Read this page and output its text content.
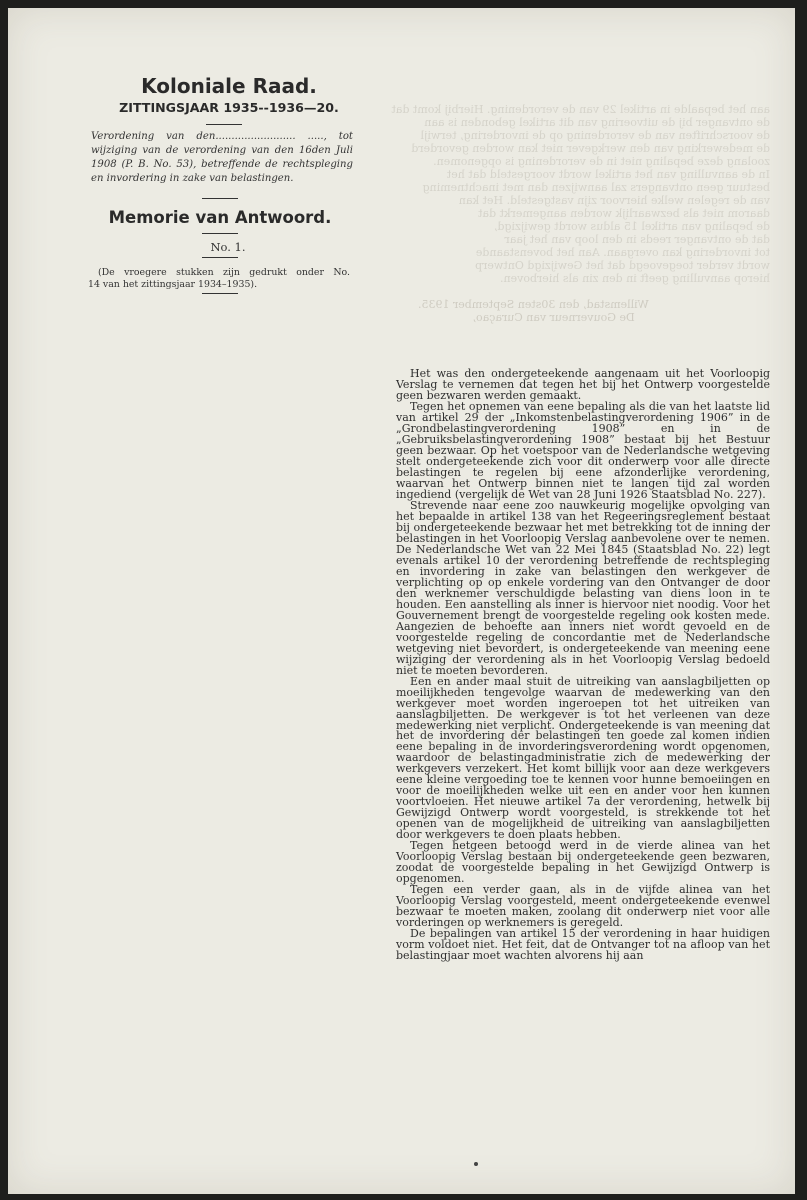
aan het bepaalde in artikel 29 van de verordening. Hierbij komt dat
de ontvanger bij de uitvoering van dit artikel gebonden is aan
de voorschriften van de verordening op de invordering, terwijl
de medewerking van den werkgever niet kan worden gevorderd
zoolang deze bepaling niet in de verordening is opgenomen.
In de aanvulling van het artikel wordt voorgesteld dat het
bestuur geen ontvangers zal aanwijzen dan met inachtneming
van de regelen welke hiervoor zijn vastgesteld. Het kan
daarom niet als bezwaarlijk worden aangemerkt dat
de bepaling van artikel 15 aldus wordt gewijzigd,
dat de ontvanger reeds in den loop van het jaar
tot invordering kan overgaan. Aan het bovenstaande
wordt verder toegevoegd dat het Gewijzigd Ontwerp
hierop aanvulling geeft in den zin als hierboven.
Willemstad, den 30sten September 1935.
De Gouverneur van Curaçao,
Koloniale Raad.
ZITTINGSJAAR 1935--1936—20.
Verordening van den......................... ....., tot wijziging van de verordening van den 16den Juli 1908 (P. B. No. 53), betreffende de rechtspleging en invordering in zake van belastingen.
Memorie van Antwoord.
No. 1.
(De vroegere stukken zijn gedrukt onder No.
14 van het zittingsjaar 1934–1935).

Het was den ondergeteekende aangenaam uit het Voorloopig Verslag te vernemen dat tegen het bij het Ontwerp voorgestelde geen bezwaren werden gemaakt.

Tegen het opnemen van eene bepaling als die van het laatste lid van artikel 29 der „Inkomstenbelastingverordening 1906” in de „Grondbelastingverordening 1908” en in de „Gebruiksbelastingverordening 1908” bestaat bij het Bestuur geen bezwaar. Op het voetspoor van de Nederlandsche wetgeving stelt ondergeteekende zich voor dit onderwerp voor alle directe belastingen te regelen bij eene afzonderlijke verordening, waarvan het Ontwerp binnen niet te langen tijd zal worden ingediend (vergelijk de Wet van 28 Juni 1926 Staatsblad No. 227).

Strevende naar eene zoo nauwkeurig mogelijke opvolging van het bepaalde in artikel 138 van het Regeeringsreglement bestaat bij ondergeteekende bezwaar het met betrekking tot de inning der belastingen in het Voorloopig Verslag aanbevolene over te nemen. De Nederlandsche Wet van 22 Mei 1845 (Staatsblad No. 22) legt evenals artikel 10 der verordening betreffende de rechtspleging en invordering in zake van belastingen den werkgever de verplichting op op enkele vordering van den Ontvanger de door den werknemer verschuldigde belasting van diens loon in te houden. Een aanstelling als inner is hiervoor niet noodig. Voor het Gouvernement brengt de voorgestelde regeling ook kosten mede. Aangezien de behoefte aan inners niet wordt gevoeld en de voorgestelde regeling de concordantie met de Nederlandsche wetgeving niet bevordert, is ondergeteekende van meening eene wijziging der verordening als in het Voorloopig Verslag bedoeld niet te moeten bevorderen.

Een en ander maal stuit de uitreiking van aanslagbiljetten op moeilijkheden tengevolge waarvan de medewerking van den werkgever moet worden ingeroepen tot het uitreiken van aanslagbiljetten. De werkgever is tot het verleenen van deze medewerking niet verplicht. Ondergeteekende is van meening dat het de invordering der belastingen ten goede zal komen indien eene bepaling in de invorderingsverordening wordt opgenomen, waardoor de belastingadministratie zich de medewerking der werkgevers verzekert. Het komt billijk voor aan deze werkgevers eene kleine vergoeding toe te kennen voor hunne bemoeiingen en voor de moeilijkheden welke uit een en ander voor hen kunnen voortvloeien. Het nieuwe artikel 7a der verordening, hetwelk bij Gewijzigd Ontwerp wordt voorgesteld, is strekkende tot het openen van de mogelijkheid de uitreiking van aanslagbiljetten door werkgevers te doen plaats hebben.

Tegen hetgeen betoogd werd in de vierde alinea van het Voorloopig Verslag bestaan bij ondergeteekende geen bezwaren, zoodat de voorgestelde bepaling in het Gewijzigd Ontwerp is opgenomen.

Tegen een verder gaan, als in de vijfde alinea van het Voorloopig Verslag voorgesteld, meent ondergeteekende evenwel bezwaar te moeten maken, zoolang dit onderwerp niet voor alle vorderingen op werknemers is geregeld.

De bepalingen van artikel 15 der verordening in haar huidigen vorm voldoet niet. Het feit, dat de Ontvanger tot na afloop van het belastingjaar moet wachten alvorens hij aan
